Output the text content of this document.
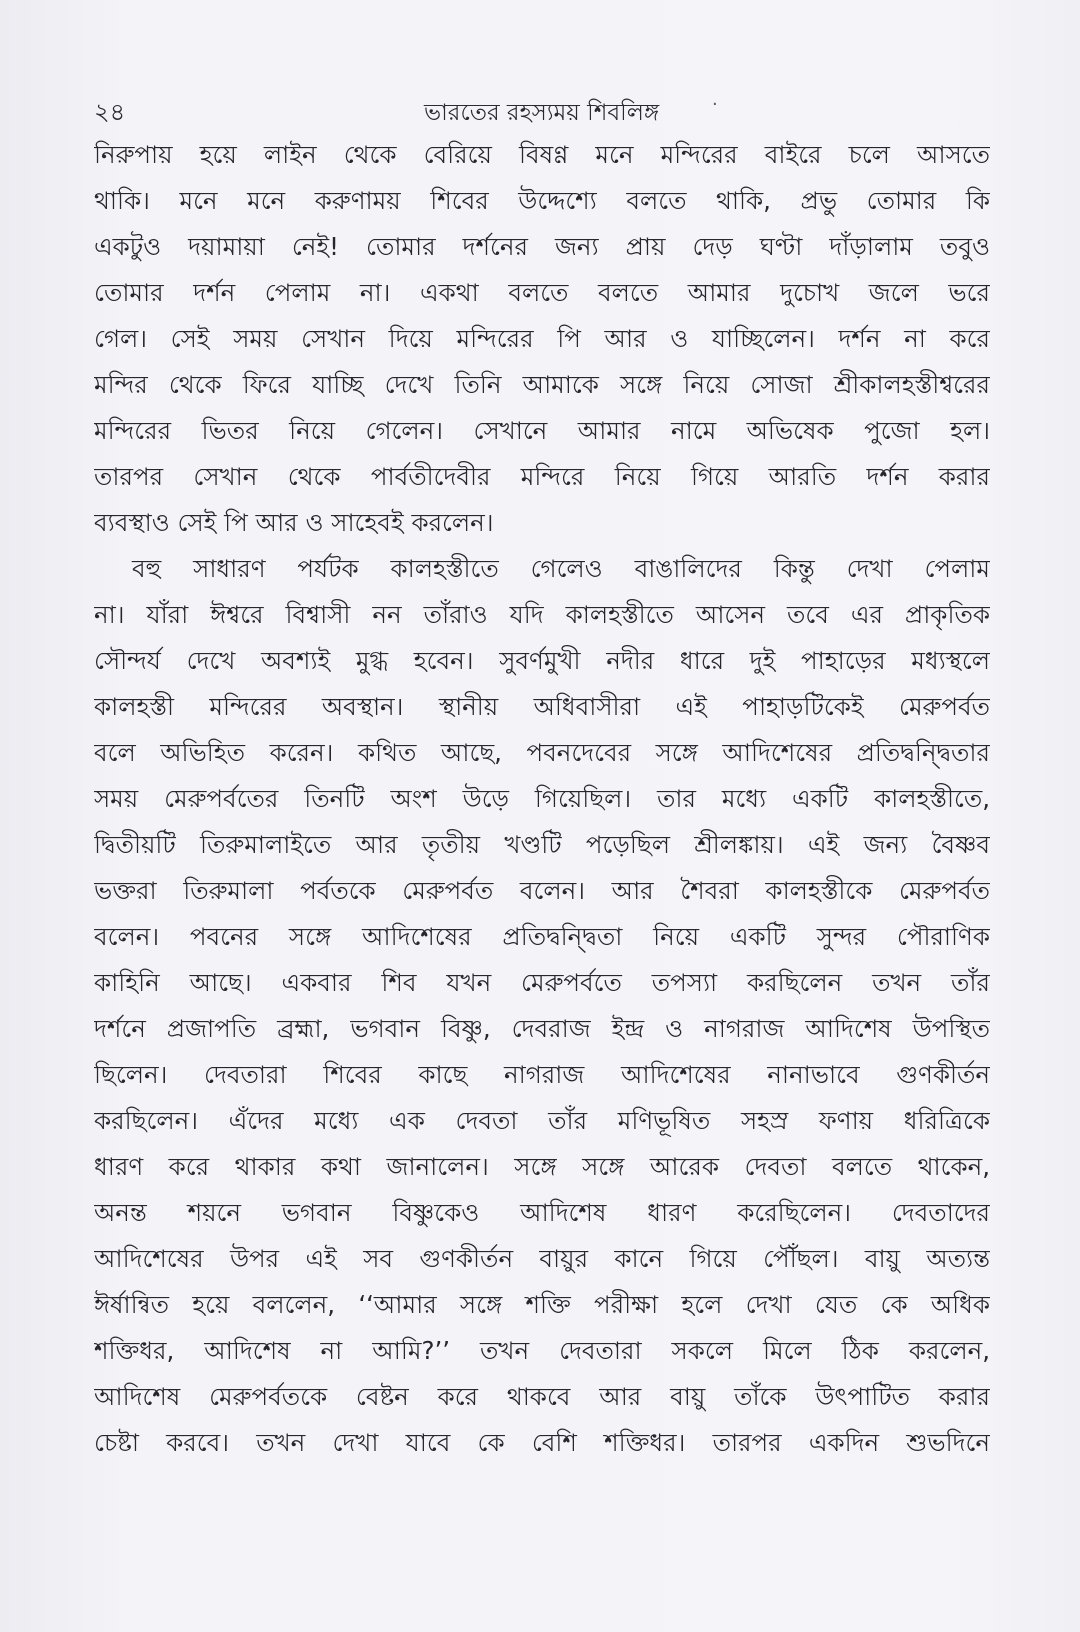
২৪	ভারতের রহস্যময় শিবলিঙ্গ	·
নিরুপায় হয়ে লাইন থেকে বেরিয়ে বিষণ্ণ মনে মন্দিরের বাইরে চলে আসতে
থাকি। মনে মনে করুণাময় শিবের উদ্দেশ্যে বলতে থাকি, প্রভু তোমার কি
একটুও দয়ামায়া নেই! তোমার দর্শনের জন্য প্রায় দেড় ঘণ্টা দাঁড়ালাম তবুও
তোমার দর্শন পেলাম না। একথা বলতে বলতে আমার দুচোখ জলে ভরে
গেল। সেই সময় সেখান দিয়ে মন্দিরের পি আর ও যাচ্ছিলেন। দর্শন না করে
মন্দির থেকে ফিরে যাচ্ছি দেখে তিনি আমাকে সঙ্গে নিয়ে সোজা শ্রীকালহস্তীশ্বরের
মন্দিরের ভিতর নিয়ে গেলেন। সেখানে আমার নামে অভিষেক পুজো হল।
তারপর সেখান থেকে পার্বতীদেবীর মন্দিরে নিয়ে গিয়ে আরতি দর্শন করার
ব্যবস্থাও সেই পি আর ও সাহেবই করলেন।
বহু সাধারণ পর্যটক কালহস্তীতে গেলেও বাঙালিদের কিন্তু দেখা পেলাম
না। যাঁরা ঈশ্বরে বিশ্বাসী নন তাঁরাও যদি কালহস্তীতে আসেন তবে এর প্রাকৃতিক
সৌন্দর্য দেখে অবশ্যই মুগ্ধ হবেন। সুবর্ণমুখী নদীর ধারে দুই পাহাড়ের মধ্যস্থলে
কালহস্তী মন্দিরের অবস্থান। স্থানীয় অধিবাসীরা এই পাহাড়টিকেই মেরুপর্বত
বলে অভিহিত করেন। কথিত আছে, পবনদেবের সঙ্গে আদিশেষের প্রতিদ্বন্দ্বিতার
সময় মেরুপর্বতের তিনটি অংশ উড়ে গিয়েছিল। তার মধ্যে একটি কালহস্তীতে,
দ্বিতীয়টি তিরুমালাইতে আর তৃতীয় খণ্ডটি পড়েছিল শ্রীলঙ্কায়। এই জন্য বৈষ্ণব
ভক্তরা তিরুমালা পর্বতকে মেরুপর্বত বলেন। আর শৈবরা কালহস্তীকে মেরুপর্বত
বলেন। পবনের সঙ্গে আদিশেষের প্রতিদ্বন্দ্বিতা নিয়ে একটি সুন্দর পৌরাণিক
কাহিনি আছে। একবার শিব যখন মেরুপর্বতে তপস্যা করছিলেন তখন তাঁর
দর্শনে প্রজাপতি ব্রহ্মা, ভগবান বিষ্ণু, দেবরাজ ইন্দ্র ও নাগরাজ আদিশেষ উপস্থিত
ছিলেন। দেবতারা শিবের কাছে নাগরাজ আদিশেষের নানাভাবে গুণকীর্তন
করছিলেন। এঁদের মধ্যে এক দেবতা তাঁর মণিভূষিত সহস্র ফণায় ধরিত্রিকে
ধারণ করে থাকার কথা জানালেন। সঙ্গে সঙ্গে আরেক দেবতা বলতে থাকেন,
অনন্ত শয়নে ভগবান বিষ্ণুকেও আদিশেষ ধারণ করেছিলেন। দেবতাদের
আদিশেষের উপর এই সব গুণকীর্তন বায়ুর কানে গিয়ে পৌঁছল। বায়ু অত্যন্ত
ঈর্ষান্বিত হয়ে বললেন, ‘‘আমার সঙ্গে শক্তি পরীক্ষা হলে দেখা যেত কে অধিক
শক্তিধর, আদিশেষ না আমি?’’ তখন দেবতারা সকলে মিলে ঠিক করলেন,
আদিশেষ মেরুপর্বতকে বেষ্টন করে থাকবে আর বায়ু তাঁকে উৎপাটিত করার
চেষ্টা করবে। তখন দেখা যাবে কে বেশি শক্তিধর। তারপর একদিন শুভদিনে
